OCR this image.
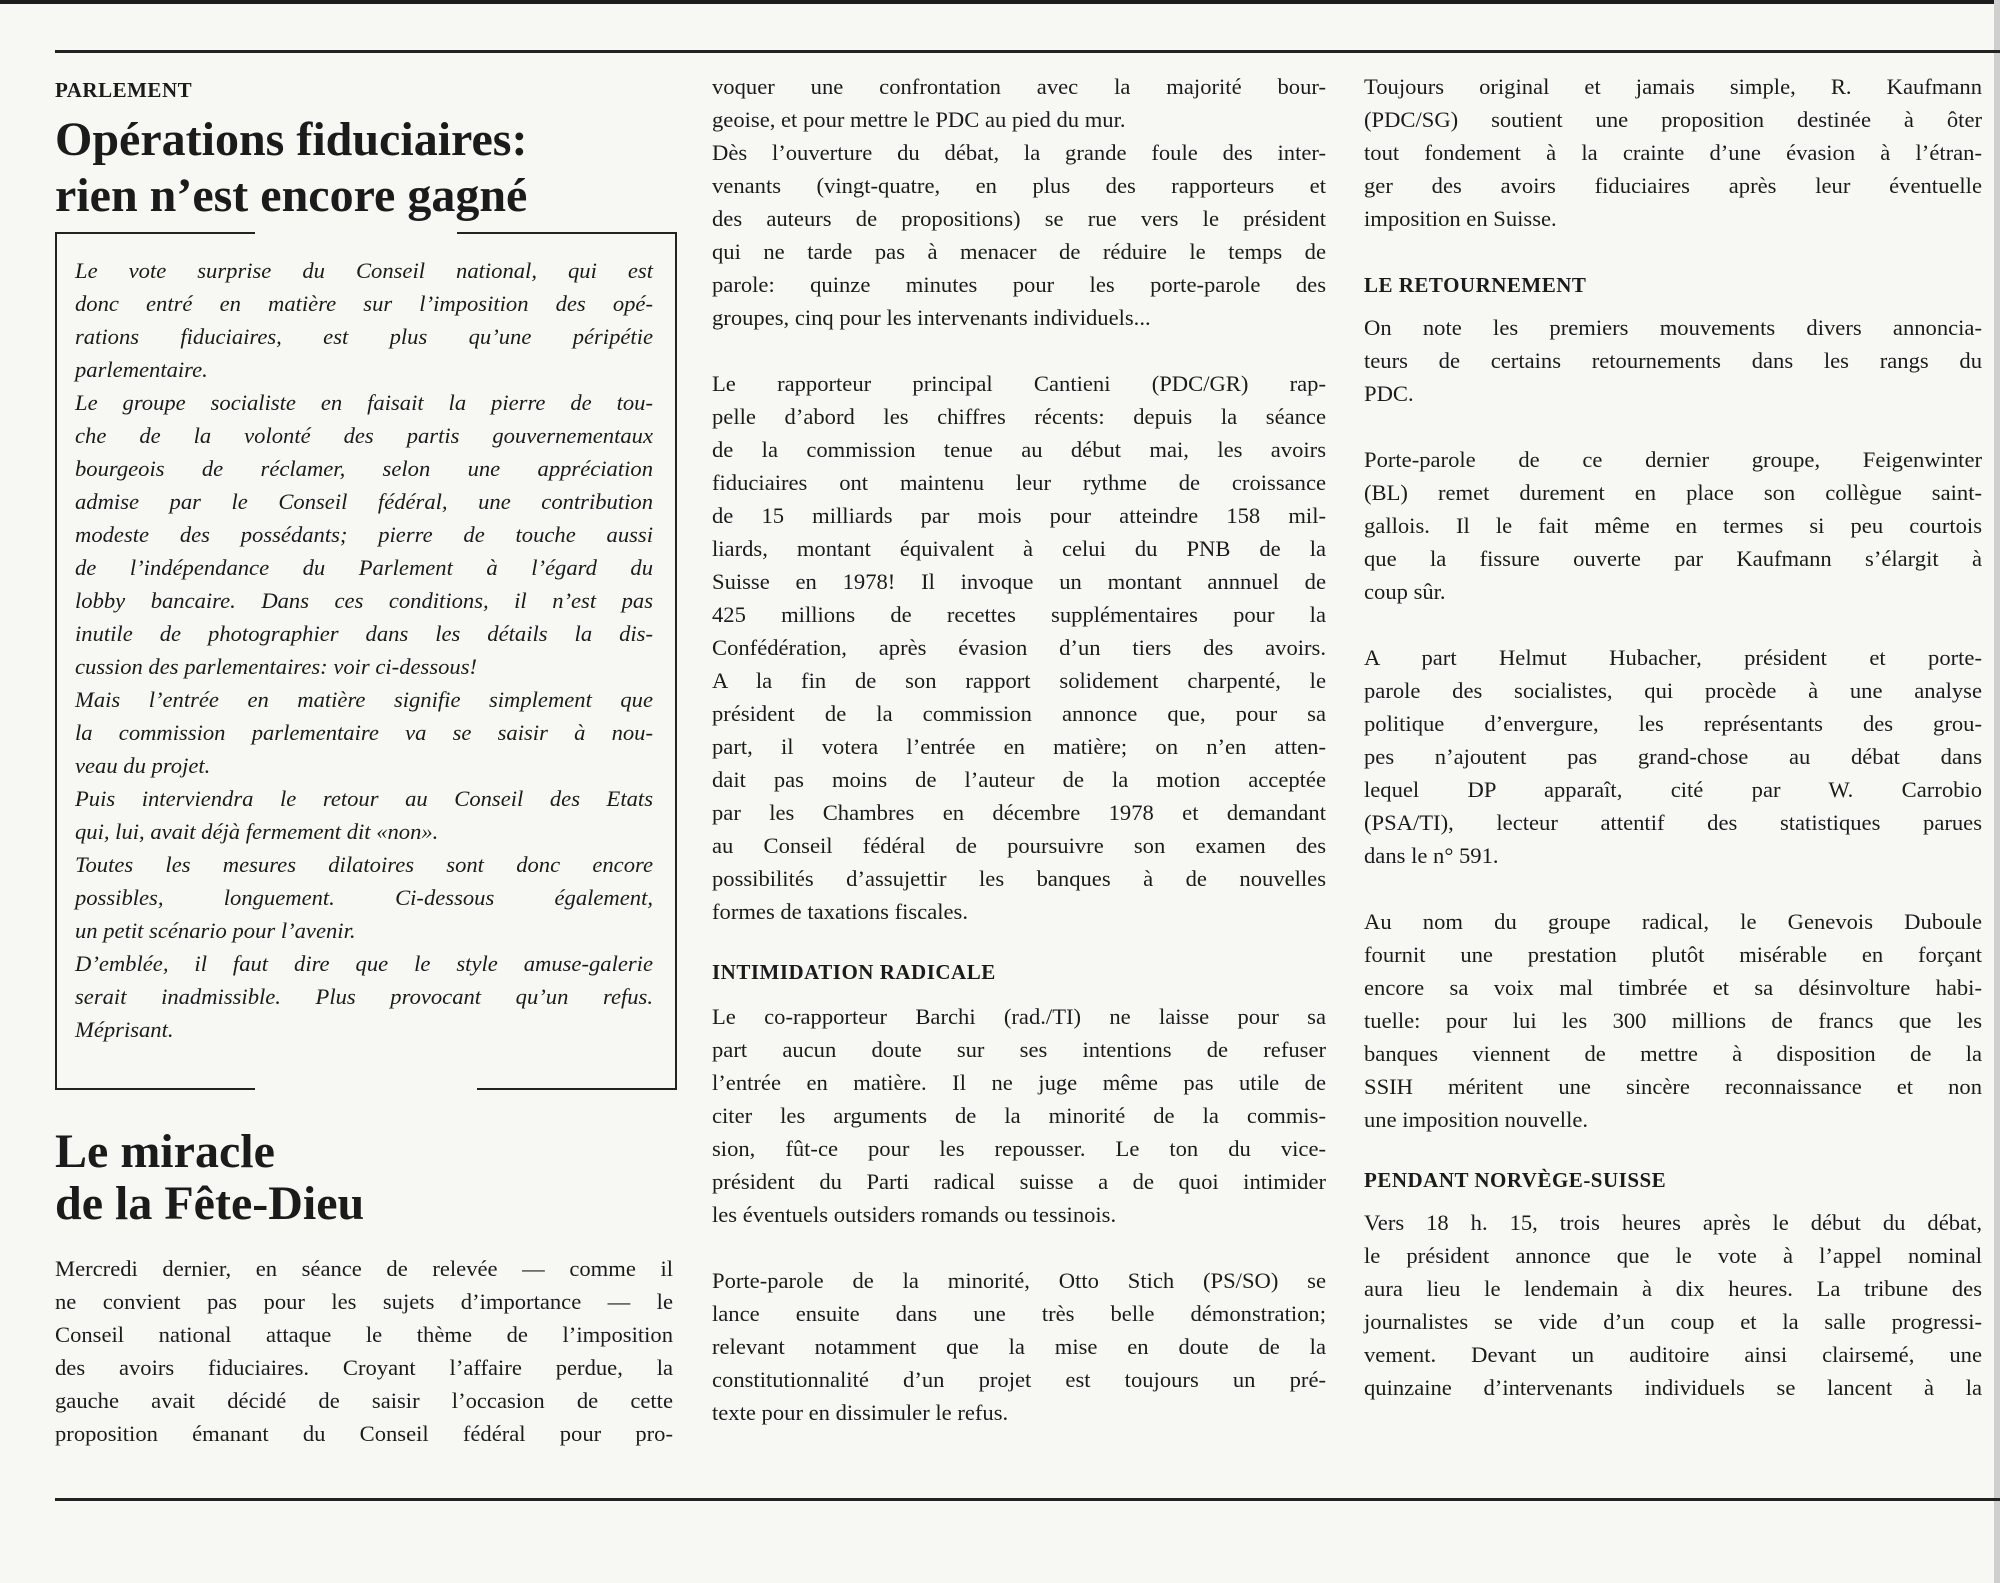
PARLEMENT

Opérations fiduciaires:
rien n’est encore gagné
Le vote surprise du Conseil national, qui est
donc entré en matière sur l’imposition des opé-
rations fiduciaires, est plus qu’une péripétie
parlementaire.
Le groupe socialiste en faisait la pierre de tou-
che de la volonté des partis gouvernementaux
bourgeois de réclamer, selon une appréciation
admise par le Conseil fédéral, une contribution
modeste des possédants; pierre de touche aussi
de l’indépendance du Parlement à l’égard du
lobby bancaire. Dans ces conditions, il n’est pas
inutile de photographier dans les détails la dis-
cussion des parlementaires: voir ci-dessous!
Mais l’entrée en matière signifie simplement que
la commission parlementaire va se saisir à nou-
veau du projet.
Puis interviendra le retour au Conseil des Etats
qui, lui, avait déjà fermement dit «non».
Toutes les mesures dilatoires sont donc encore
possibles, longuement. Ci-dessous également,
un petit scénario pour l’avenir.
D’emblée, il faut dire que le style amuse-galerie
serait inadmissible. Plus provocant qu’un refus.
Méprisant.
Le miracle
de la Fête-Dieu
Mercredi dernier, en séance de relevée — comme il
ne convient pas pour les sujets d’importance — le
Conseil national attaque le thème de l’imposition
des avoirs fiduciaires. Croyant l’affaire perdue, la
gauche avait décidé de saisir l’occasion de cette
proposition émanant du Conseil fédéral pour pro-
voquer une confrontation avec la majorité bour-
geoise, et pour mettre le PDC au pied du mur.
Dès l’ouverture du débat, la grande foule des inter-
venants (vingt-quatre, en plus des rapporteurs et
des auteurs de propositions) se rue vers le président
qui ne tarde pas à menacer de réduire le temps de
parole: quinze minutes pour les porte-parole des
groupes, cinq pour les intervenants individuels...
Le rapporteur principal Cantieni (PDC/GR) rap-
pelle d’abord les chiffres récents: depuis la séance
de la commission tenue au début mai, les avoirs
fiduciaires ont maintenu leur rythme de croissance
de 15 milliards par mois pour atteindre 158 mil-
liards, montant équivalent à celui du PNB de la
Suisse en 1978! Il invoque un montant annnuel de
425 millions de recettes supplémentaires pour la
Confédération, après évasion d’un tiers des avoirs.
A la fin de son rapport solidement charpenté, le
président de la commission annonce que, pour sa
part, il votera l’entrée en matière; on n’en atten-
dait pas moins de l’auteur de la motion acceptée
par les Chambres en décembre 1978 et demandant
au Conseil fédéral de poursuivre son examen des
possibilités d’assujettir les banques à de nouvelles
formes de taxations fiscales.

INTIMIDATION RADICALE

Le co-rapporteur Barchi (rad./TI) ne laisse pour sa
part aucun doute sur ses intentions de refuser
l’entrée en matière. Il ne juge même pas utile de
citer les arguments de la minorité de la commis-
sion, fût-ce pour les repousser. Le ton du vice-
président du Parti radical suisse a de quoi intimider
les éventuels outsiders romands ou tessinois.
Porte-parole de la minorité, Otto Stich (PS/SO) se
lance ensuite dans une très belle démonstration;
relevant notamment que la mise en doute de la
constitutionnalité d’un projet est toujours un pré-
texte pour en dissimuler le refus.
Toujours original et jamais simple, R. Kaufmann
(PDC/SG) soutient une proposition destinée à ôter
tout fondement à la crainte d’une évasion à l’étran-
ger des avoirs fiduciaires après leur éventuelle
imposition en Suisse.

LE RETOURNEMENT

On note les premiers mouvements divers annoncia-
teurs de certains retournements dans les rangs du
PDC.
Porte-parole de ce dernier groupe, Feigenwinter
(BL) remet durement en place son collègue saint-
gallois. Il le fait même en termes si peu courtois
que la fissure ouverte par Kaufmann s’élargit à
coup sûr.
A part Helmut Hubacher, président et porte-
parole des socialistes, qui procède à une analyse
politique d’envergure, les représentants des grou-
pes n’ajoutent pas grand-chose au débat dans
lequel DP apparaît, cité par W. Carrobio
(PSA/TI), lecteur attentif des statistiques parues
dans le n° 591.
Au nom du groupe radical, le Genevois Duboule
fournit une prestation plutôt misérable en forçant
encore sa voix mal timbrée et sa désinvolture habi-
tuelle: pour lui les 300 millions de francs que les
banques viennent de mettre à disposition de la
SSIH méritent une sincère reconnaissance et non
une imposition nouvelle.

PENDANT NORVÈGE-SUISSE

Vers 18 h. 15, trois heures après le début du débat,
le président annonce que le vote à l’appel nominal
aura lieu le lendemain à dix heures. La tribune des
journalistes se vide d’un coup et la salle progressi-
vement. Devant un auditoire ainsi clairsemé, une
quinzaine d’intervenants individuels se lancent à la
